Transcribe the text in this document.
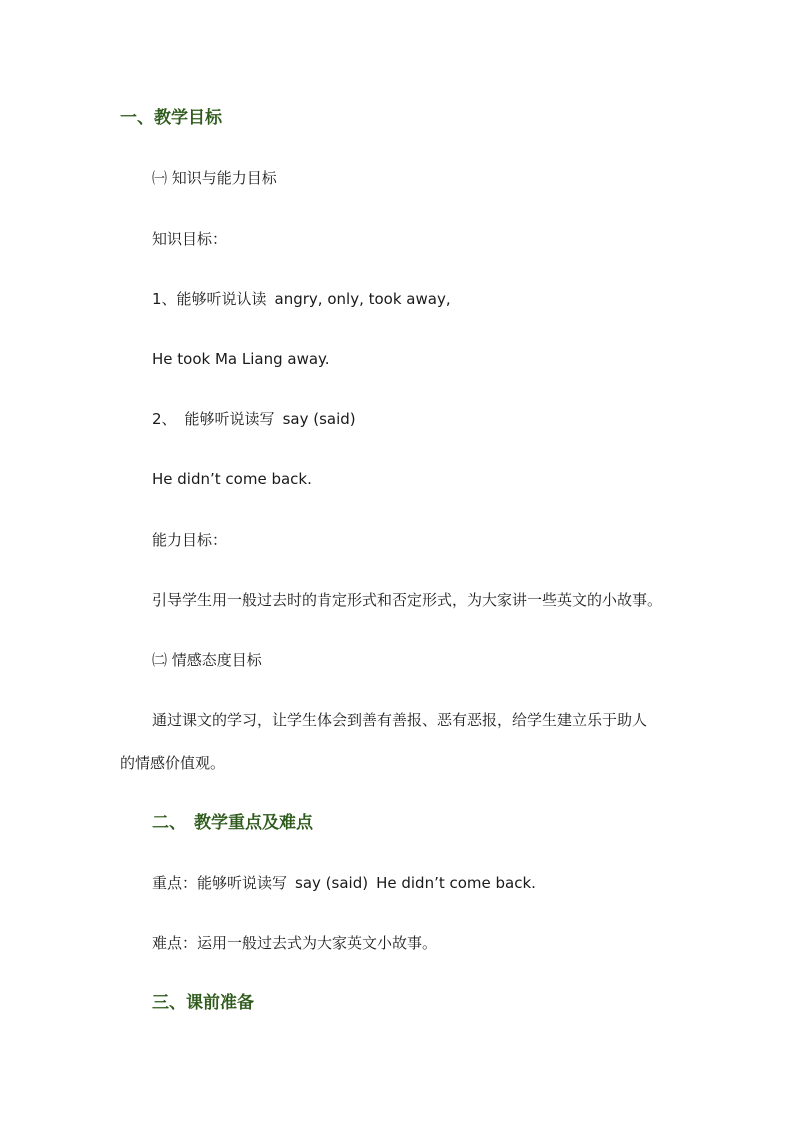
一、教学目标
㈠ 知识与能力目标
知识目标：
1、能够听说认读 angry, only, took away,
He took Ma Liang away.
2、 能够听说读写 say (said)
He didn’t come back.
能力目标：
引导学生用一般过去时的肯定形式和否定形式，为大家讲一些英文的小故事。
㈡ 情感态度目标
通过课文的学习，让学生体会到善有善报、恶有恶报，给学生建立乐于助人
的情感价值观。
二、 教学重点及难点
重点：能够听说读写 say (said) He didn’t come back.
难点：运用一般过去式为大家英文小故事。
三、课前准备
